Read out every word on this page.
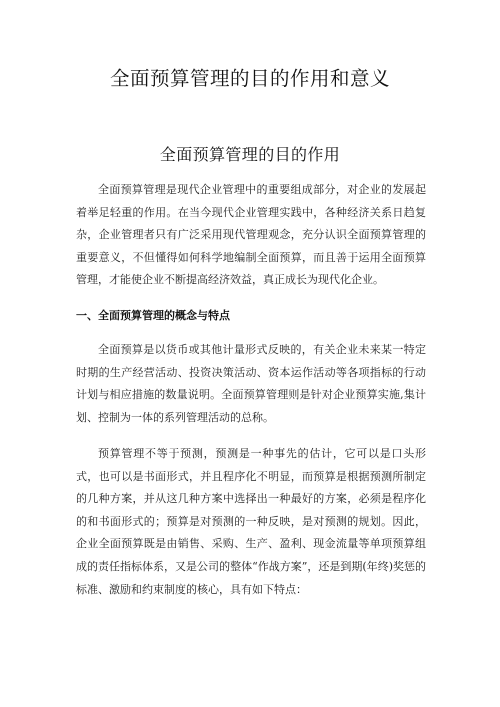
全面预算管理的目的作用和意义
全面预算管理的目的作用

全面预算管理是现代企业管理中的重要组成部分，对企业的发展起着举足轻重的作用。在当今现代企业管理实践中，各种经济关系日趋复杂，企业管理者只有广泛采用现代管理观念，充分认识全面预算管理的重要意义，不但懂得如何科学地编制全面预算，而且善于运用全面预算管理，才能使企业不断提高经济效益，真正成长为现代化企业。

一、全面预算管理的概念与特点

全面预算是以货币或其他计量形式反映的，有关企业未来某一特定时期的生产经营活动、投资决策活动、资本运作活动等各项指标的行动计划与相应措施的数量说明。全面预算管理则是针对企业预算实施,集计划、控制为一体的系列管理活动的总称。

预算管理不等于预测，预测是一种事先的估计，它可以是口头形式，也可以是书面形式，并且程序化不明显，而预算是根据预测所制定的几种方案，并从这几种方案中选择出一种最好的方案，必须是程序化的和书面形式的；预算是对预测的一种反映，是对预测的规划。因此，企业全面预算既是由销售、采购、生产、盈利、现金流量等单项预算组成的责任指标体系，又是公司的整体“作战方案”，还是到期(年终)奖惩的标准、激励和约束制度的核心，具有如下特点：
